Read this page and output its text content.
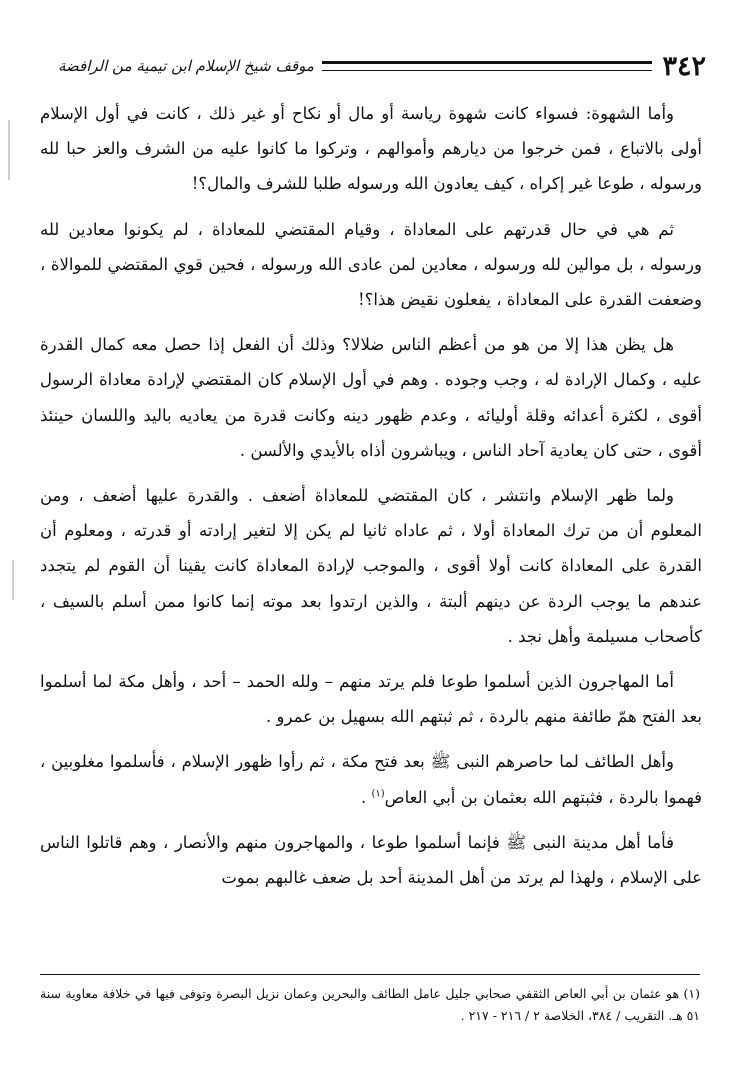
٣٤٢
موقف شيخ الإسلام ابن تيمية من الرافضة

وأما الشهوة: فسواء كانت شهوة رياسة أو مال أو نكاح أو غير ذلك ، كانت في أول الإسلام أولى بالاتباع ، فمن خرجوا من ديارهم وأموالهم ، وتركوا ما كانوا عليه من الشرف والعز حبا لله ورسوله ، طوعا غير إكراه ، كيف يعادون الله ورسوله طلبا للشرف والمال؟!

ثم هي في حال قدرتهم على المعاداة ، وقيام المقتضي للمعاداة ، لم يكونوا معادين لله ورسوله ، بل موالين لله ورسوله ، معادين لمن عادى الله ورسوله ، فحين قوي المقتضي للموالاة ، وضعفت القدرة على المعاداة ، يفعلون نقيض هذا؟!

هل يظن هذا إلا من هو من أعظم الناس ضلالا؟ وذلك أن الفعل إذا حصل معه كمال القدرة عليه ، وكمال الإرادة له ، وجب وجوده . وهم في أول الإسلام كان المقتضي لإرادة معاداة الرسول أقوى ، لكثرة أعدائه وقلة أوليائه ، وعدم ظهور دينه وكانت قدرة من يعاديه باليد واللسان حينئذ أقوى ، حتى كان يعادية آحاد الناس ، ويباشرون أذاه بالأيدي والألسن .

ولما ظهر الإسلام وانتشر ، كان المقتضي للمعاداة أضعف . والقدرة عليها أضعف ، ومن المعلوم أن من ترك المعاداة أولا ، ثم عاداه ثانيا لم يكن إلا لتغير إرادته أو قدرته ، ومعلوم أن القدرة على المعاداة كانت أولا أقوى ، والموجب لإرادة المعاداة كانت يقينا أن القوم لم يتجدد عندهم ما يوجب الردة عن دينهم ألبتة ، والذين ارتدوا بعد موته إنما كانوا ممن أسلم بالسيف ، كأصحاب مسيلمة وأهل نجد .

أما المهاجرون الذين أسلموا طوعا فلم يرتد منهم – ولله الحمد – أحد ، وأهل مكة لما أسلموا بعد الفتح همّ طائفة منهم بالردة ، ثم ثبتهم الله بسهيل بن عمرو .

وأهل الطائف لما حاصرهم النبى ﷺ بعد فتح مكة ، ثم رأوا ظهور الإسلام ، فأسلموا مغلوبين ، فهموا بالردة ، فثبتهم الله بعثمان بن أبي العاص$^{(١)}$ .

فأما أهل مدينة النبى ﷺ فإنما أسلموا طوعا ، والمهاجرون منهم والأنصار ، وهم قاتلوا الناس على الإسلام ، ولهذا لم يرتد من أهل المدينة أحد بل ضعف غالبهم بموت

(١) هو عثمان بن أبي العاص الثقفي صحابي جليل عامل الطائف والبحرين وعمان نزيل البصرة وتوفى فيها في خلافة معاوية سنة ٥١ هـ. التقريب / ٣٨٤، الخلاصة ٢ / ٢١٦ - ٢١٧ .
